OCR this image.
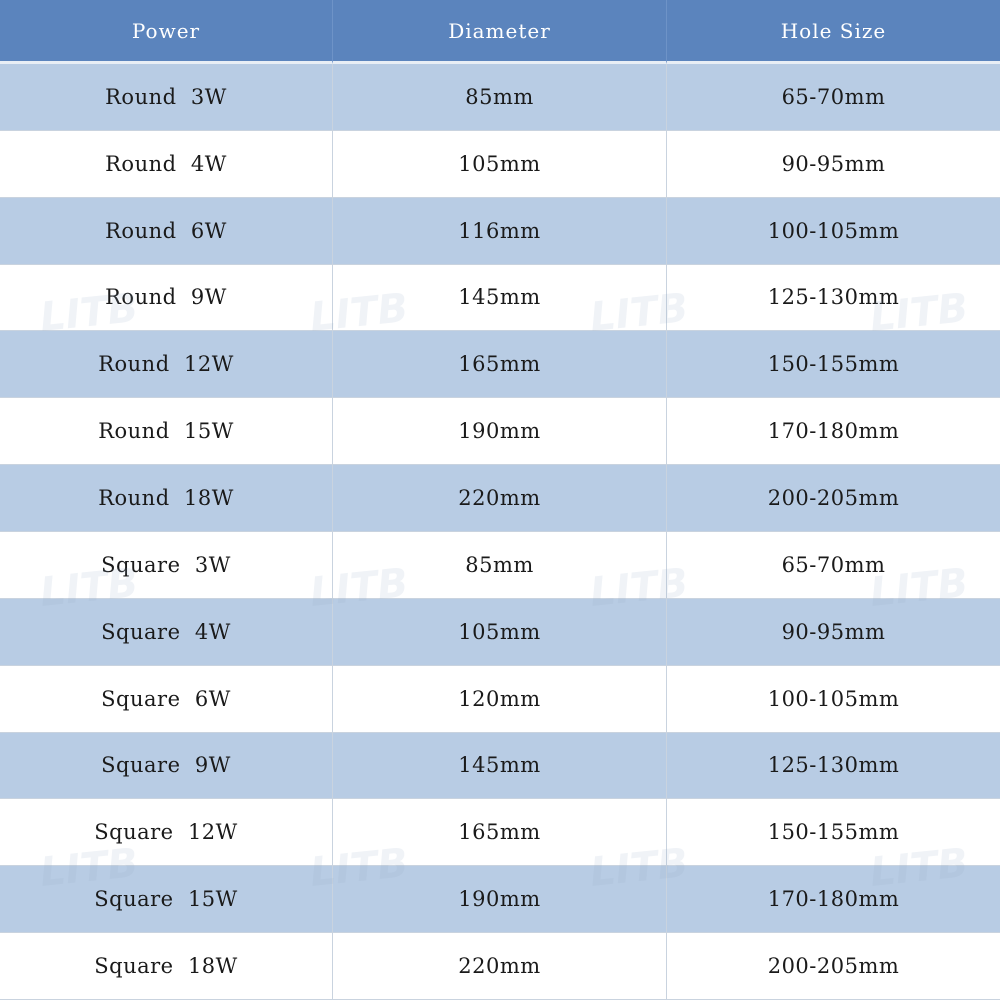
Power	Diameter	Hole Size
Round  3W	85mm	65-70mm
Round  4W	105mm	90-95mm
Round  6W	116mm	100-105mm
Round  9W	145mm	125-130mm
Round  12W	165mm	150-155mm
Round  15W	190mm	170-180mm
Round  18W	220mm	200-205mm
Square  3W	85mm	65-70mm
Square  4W	105mm	90-95mm
Square  6W	120mm	100-105mm
Square  9W	145mm	125-130mm
Square  12W	165mm	150-155mm
Square  15W	190mm	170-180mm
Square  18W	220mm	200-205mm
